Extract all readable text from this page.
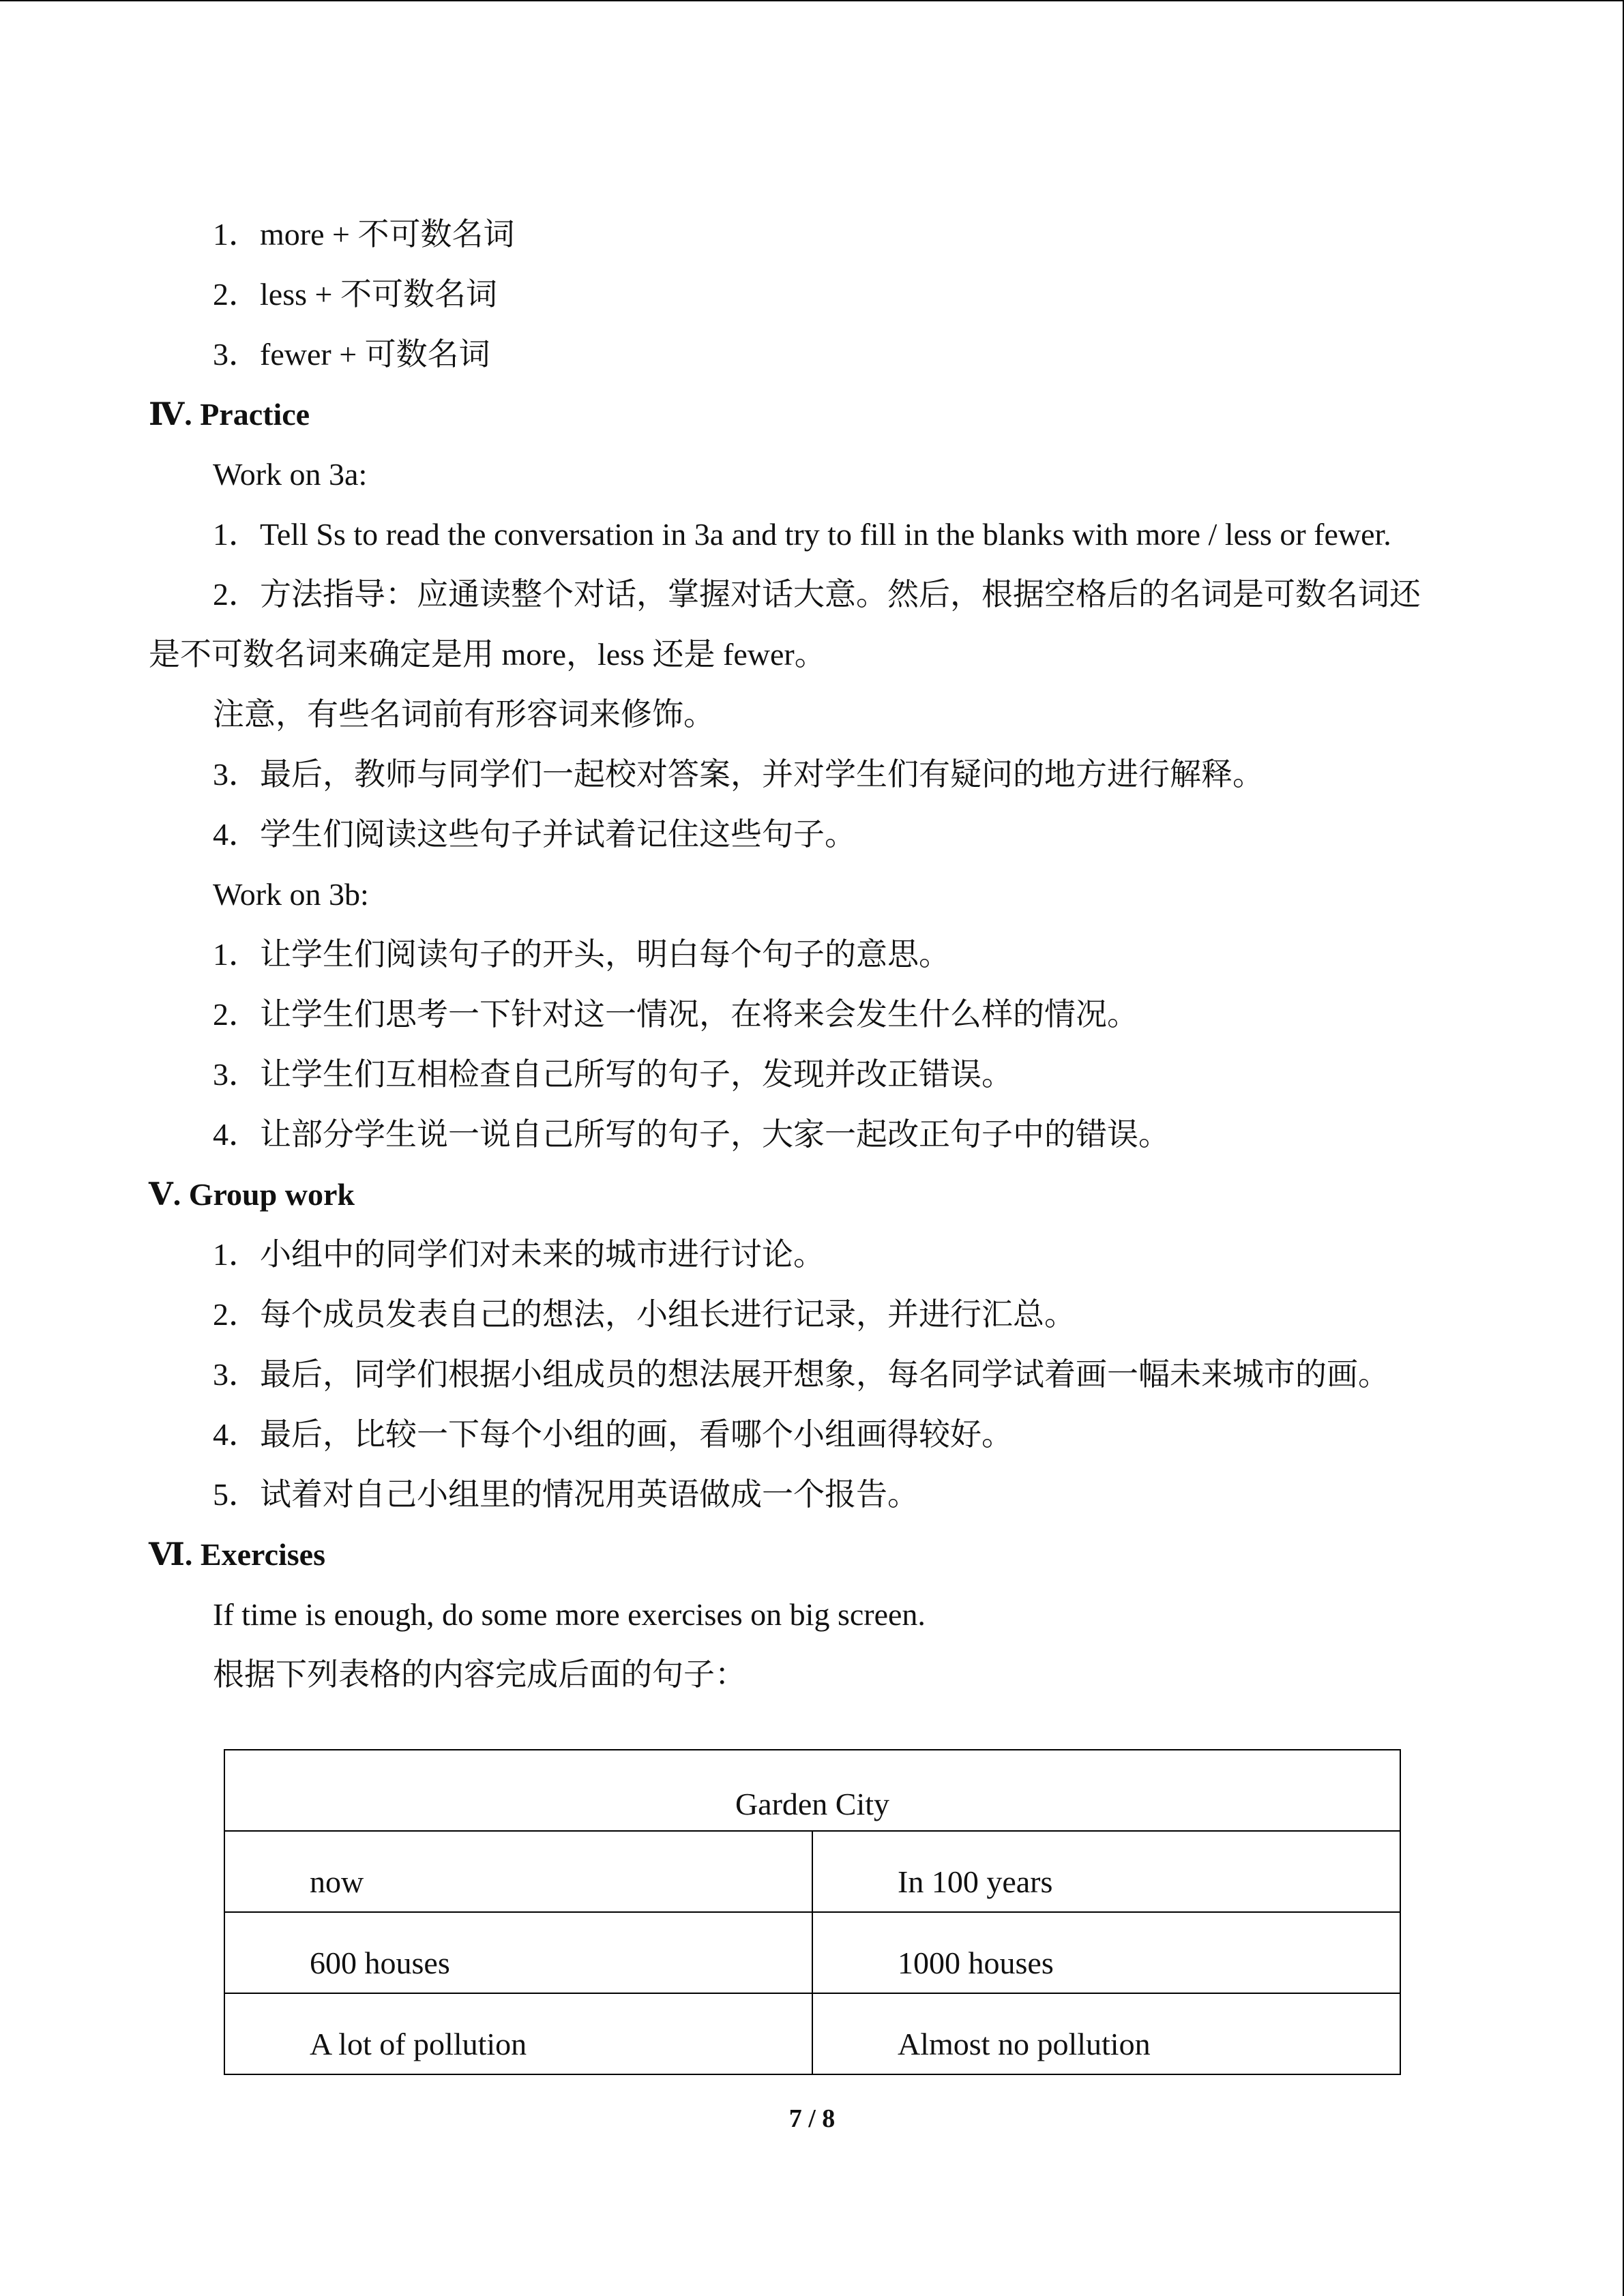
1．more + 不可数名词
2．less + 不可数名词
3．fewer + 可数名词
Ⅳ. Practice
Work on 3a:
1．Tell Ss to read the conversation in 3a and try to fill in the blanks with more / less or fewer.
2．方法指导：应通读整个对话，掌握对话大意。然后，根据空格后的名词是可数名词还
是不可数名词来确定是用 more，less 还是 fewer。
注意，有些名词前有形容词来修饰。
3．最后，教师与同学们一起校对答案，并对学生们有疑问的地方进行解释。
4．学生们阅读这些句子并试着记住这些句子。
Work on 3b:
1．让学生们阅读句子的开头，明白每个句子的意思。
2．让学生们思考一下针对这一情况，在将来会发生什么样的情况。
3．让学生们互相检查自己所写的句子，发现并改正错误。
4．让部分学生说一说自己所写的句子，大家一起改正句子中的错误。
Ⅴ. Group work
1．小组中的同学们对未来的城市进行讨论。
2．每个成员发表自己的想法，小组长进行记录，并进行汇总。
3．最后，同学们根据小组成员的想法展开想象，每名同学试着画一幅未来城市的画。
4．最后，比较一下每个小组的画，看哪个小组画得较好。
5．试着对自己小组里的情况用英语做成一个报告。
Ⅵ. Exercises
If time is enough, do some more exercises on big screen.
根据下列表格的内容完成后面的句子：
Garden City	
now	In 100 years
600 houses	1000 houses
A lot of pollution	Almost no pollution
7 / 8
